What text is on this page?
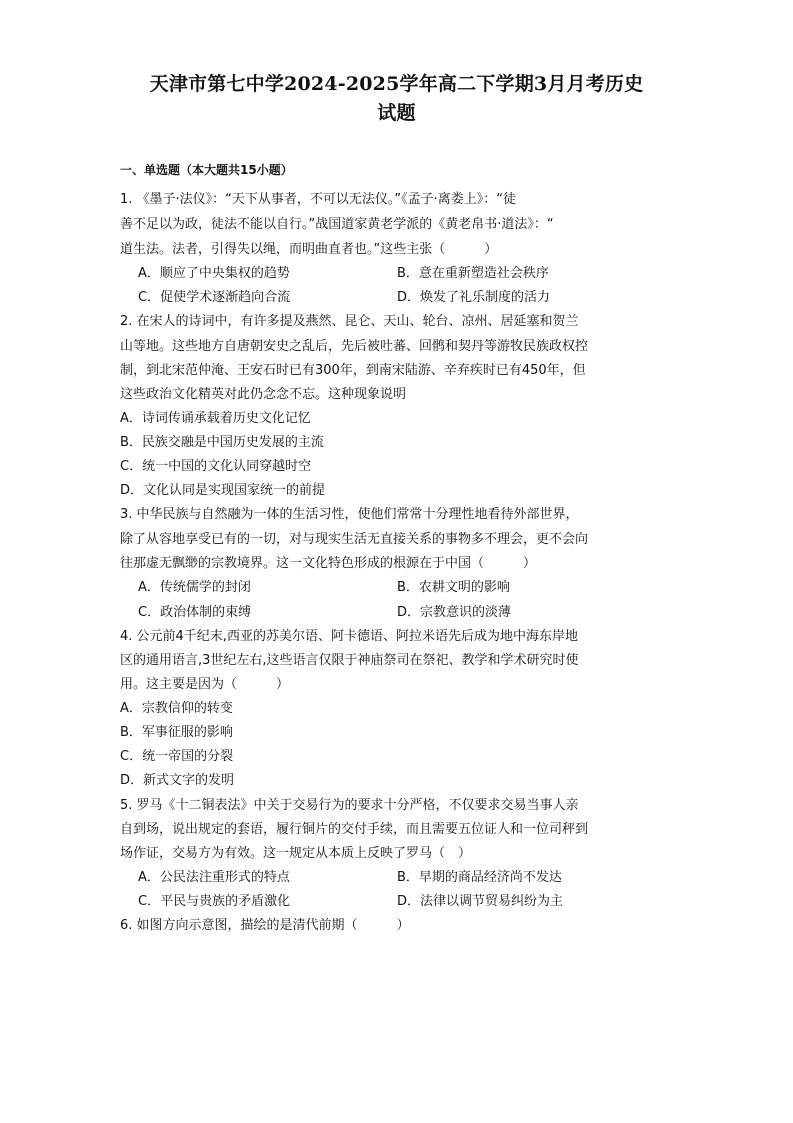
天津市第七中学2024-2025学年高二下学期3月月考历史
试题
一、单选题（本大题共15小题）
1. 《墨子·法仪》：“天下从事者，不可以无法仪。”《孟子·离娄上》：“徒
善不足以为政，徒法不能以自行。”战国道家黄老学派的《黄老帛书·道法》：“
道生法。法者，引得失以绳，而明曲直者也。”这些主张（　　　）
A．顺应了中央集权的趋势	B．意在重新塑造社会秩序
C．促使学术逐渐趋向合流	D．焕发了礼乐制度的活力
2. 在宋人的诗词中，有许多提及燕然、昆仑、天山、轮台、凉州、居延塞和贺兰
山等地。这些地方自唐朝安史之乱后，先后被吐蕃、回鹘和契丹等游牧民族政权控
制，到北宋范仲淹、王安石时已有300年，到南宋陆游、辛弃疾时已有450年，但
这些政治文化精英对此仍念念不忘。这种现象说明
A．诗词传诵承载着历史文化记忆
B．民族交融是中国历史发展的主流
C．统一中国的文化认同穿越时空
D．文化认同是实现国家统一的前提
3. 中华民族与自然融为一体的生活习性，使他们常常十分理性地看待外部世界，
除了从容地享受已有的一切，对与现实生活无直接关系的事物多不理会，更不会向
往那虚无飘缈的宗教境界。这一文化特色形成的根源在于中国（　　　）
A．传统儒学的封闭	B．农耕文明的影响
C．政治体制的束缚	D．宗教意识的淡薄
4. 公元前4千纪末,西亚的苏美尔语、阿卡德语、阿拉米语先后成为地中海东岸地
区的通用语言,3世纪左右,这些语言仅限于神庙祭司在祭祀、教学和学术研究时使
用。这主要是因为（　　　）
A．宗教信仰的转变
B．军事征服的影响
C．统一帝国的分裂
D．新式文字的发明
5. 罗马《十二铜表法》中关于交易行为的要求十分严格，不仅要求交易当事人亲
自到场，说出规定的套语，履行铜片的交付手续，而且需要五位证人和一位司秤到
场作证，交易方为有效。这一规定从本质上反映了罗马（　）
A．公民法注重形式的特点	B．早期的商品经济尚不发达
C．平民与贵族的矛盾激化	D．法律以调节贸易纠纷为主
6. 如图方向示意图，描绘的是清代前期（　　　）
